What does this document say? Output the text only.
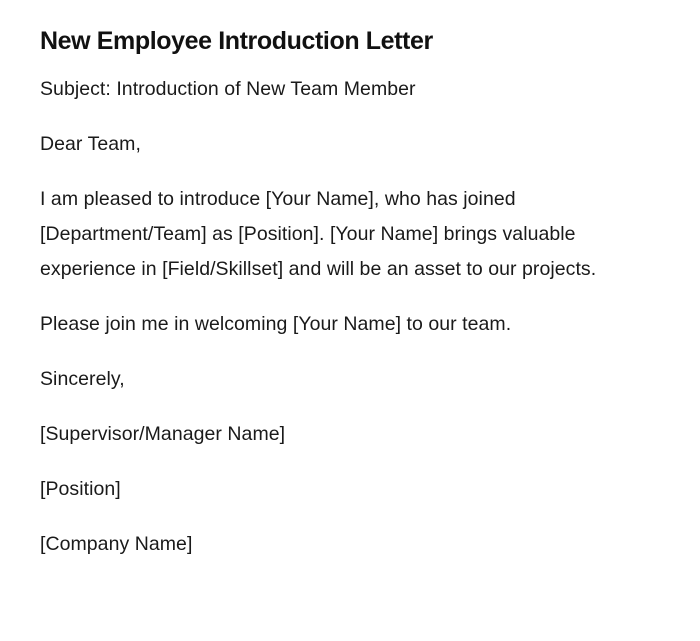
New Employee Introduction Letter

Subject: Introduction of New Team Member

Dear Team,

I am pleased to introduce [Your Name], who has joined [Department/Team] as [Position]. [Your Name] brings valuable experience in [Field/Skillset] and will be an asset to our projects.

Please join me in welcoming [Your Name] to our team.

Sincerely,

[Supervisor/Manager Name]

[Position]

[Company Name]
